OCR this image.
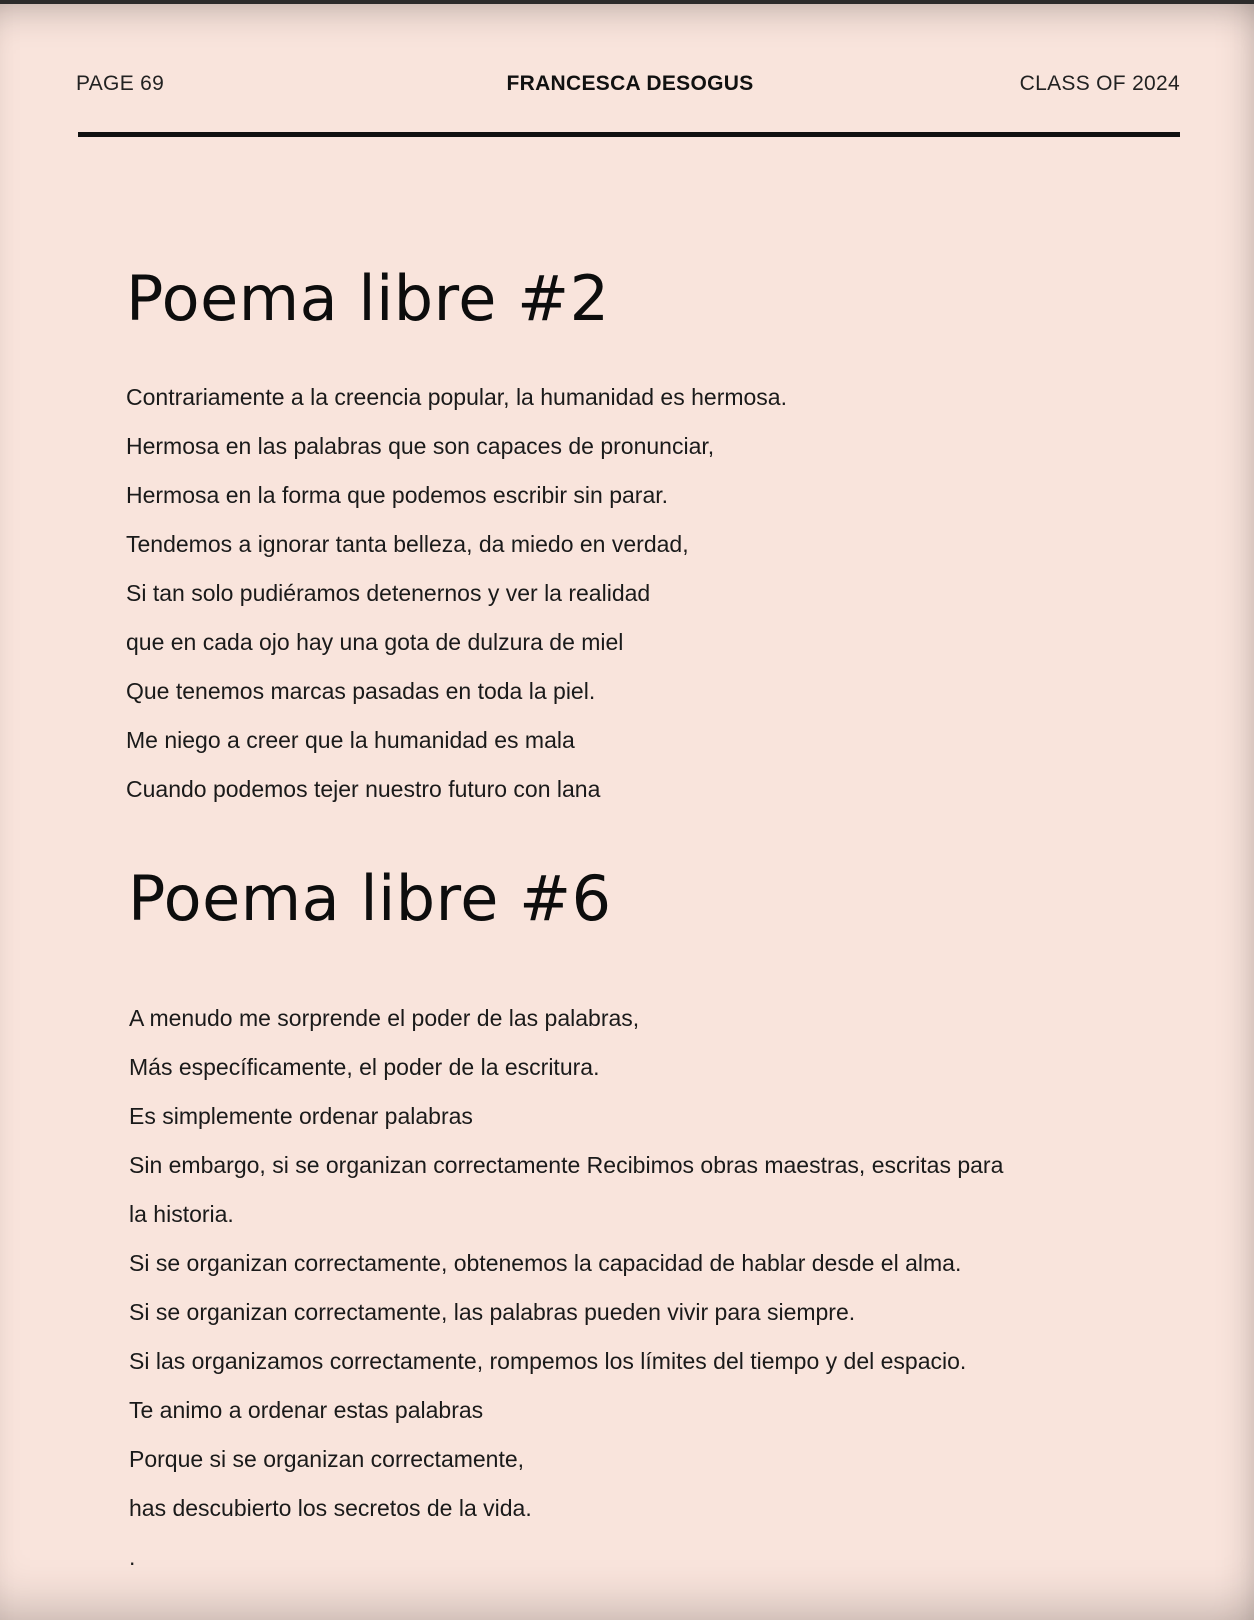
PAGE 69	FRANCESCA DESOGUS	CLASS OF 2024
Poema libre #2
Contrariamente a la creencia popular, la humanidad es hermosa.
Hermosa en las palabras que son capaces de pronunciar,
Hermosa en la forma que podemos escribir sin parar.
Tendemos a ignorar tanta belleza, da miedo en verdad,
Si tan solo pudiéramos detenernos y ver la realidad
que en cada ojo hay una gota de dulzura de miel
Que tenemos marcas pasadas en toda la piel.
Me niego a creer que la humanidad es mala
Cuando podemos tejer nuestro futuro con lana
Poema libre #6
A menudo me sorprende el poder de las palabras,
Más específicamente, el poder de la escritura.
Es simplemente ordenar palabras
Sin embargo, si se organizan correctamente Recibimos obras maestras, escritas para
la historia.
Si se organizan correctamente, obtenemos la capacidad de hablar desde el alma.
Si se organizan correctamente, las palabras pueden vivir para siempre.
Si las organizamos correctamente, rompemos los límites del tiempo y del espacio.
Te animo a ordenar estas palabras
Porque si se organizan correctamente,
has descubierto los secretos de la vida.
.
